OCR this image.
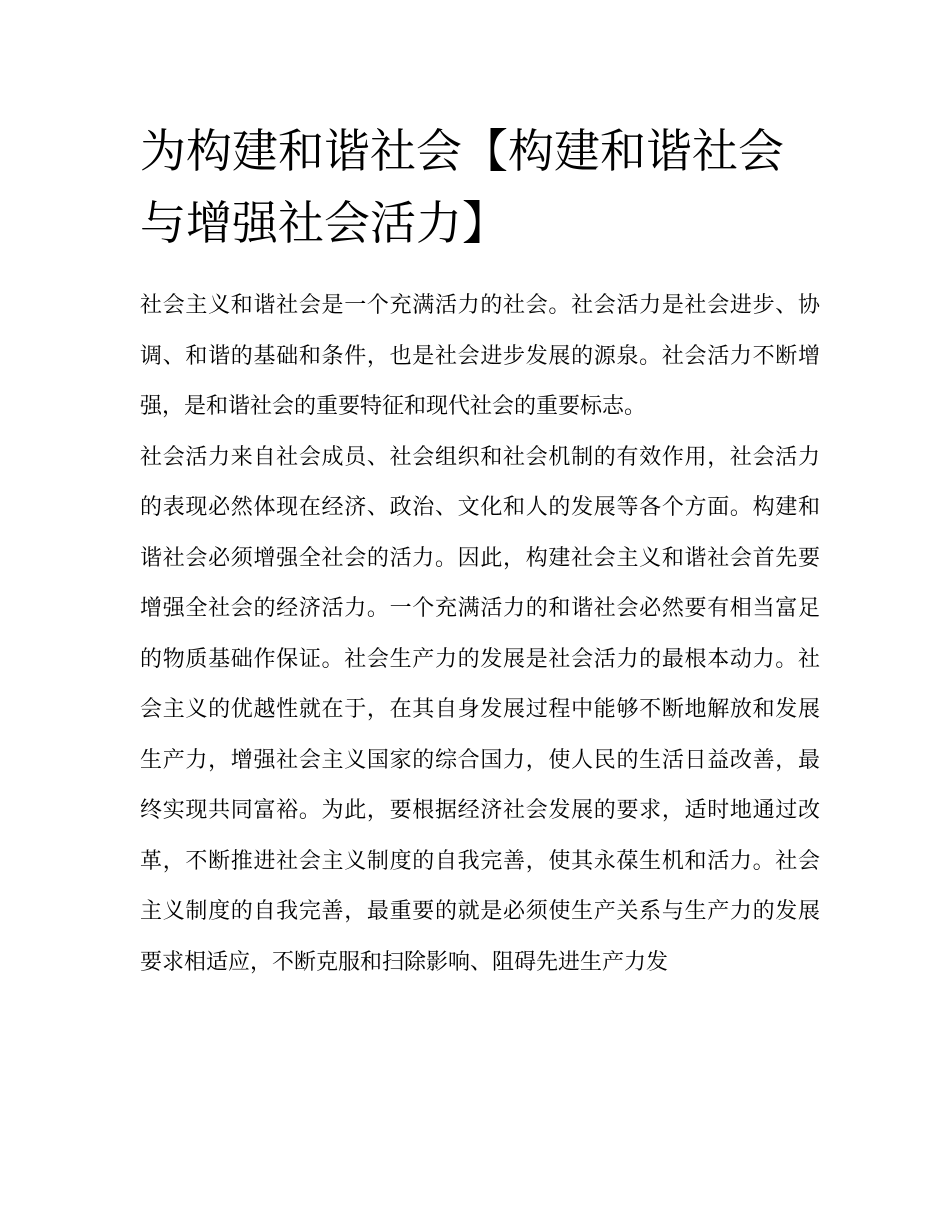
为构建和谐社会【构建和谐社会与增强社会活力】

社会主义和谐社会是一个充满活力的社会。社会活力是社会进步、协调、和谐的基础和条件，也是社会进步发展的源泉。社会活力不断增强，是和谐社会的重要特征和现代社会的重要标志。

社会活力来自社会成员、社会组织和社会机制的有效作用，社会活力的表现必然体现在经济、政治、文化和人的发展等各个方面。构建和谐社会必须增强全社会的活力。因此，构建社会主义和谐社会首先要增强全社会的经济活力。一个充满活力的和谐社会必然要有相当富足的物质基础作保证。社会生产力的发展是社会活力的最根本动力。社会主义的优越性就在于，在其自身发展过程中能够不断地解放和发展生产力，增强社会主义国家的综合国力，使人民的生活日益改善，最终实现共同富裕。为此，要根据经济社会发展的要求，适时地通过改革，不断推进社会主义制度的自我完善，使其永葆生机和活力。社会主义制度的自我完善，最重要的就是必须使生产关系与生产力的发展要求相适应，不断克服和扫除影响、阻碍先进生产力发
